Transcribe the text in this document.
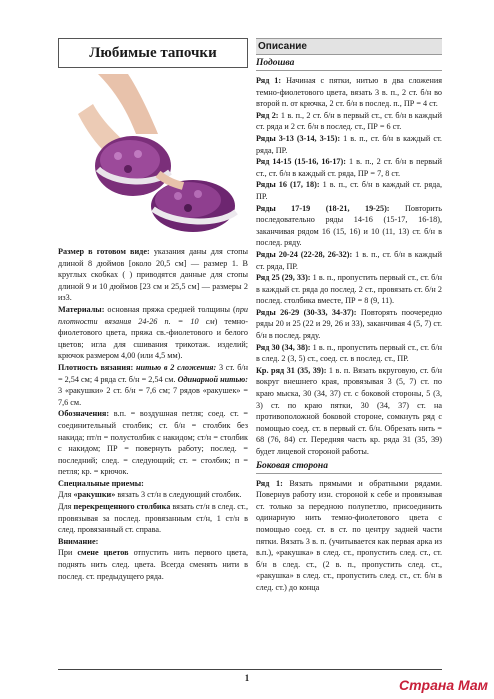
Любимые тапочки

Размер в готовом виде: указания даны для стопы длиной 8 дюймов [около 20,5 см] — размер 1. В круглых скобках ( ) приводятся данные для стопы длиной 9 и 10 дюймов [23 см и 25,5 см] — размеры 2 из3.

Материалы: основная пряжа средней толщины (при плотности вязания 24-26 п. = 10 см) темно-фиолетового цвета, пряжа св.-фиолетового и белого цветов; игла для сшивания трикотаж. изделий; крючок размером 4,00 (или 4,5 мм).

Плотность вязания: нитью в 2 сложения: 3 ст. б/н = 2,54 см; 4 ряда ст. б/н = 2,54 см. Одинарной нитью: 3 «ракушки» 2 ст. б/н = 7,6 см; 7 рядов «ракушек» = 7,6 см.

Обозначения: в.п. = воздушная петля; соед. ст. = соединительный столбик; ст. б/н = столбик без накида; пт/п = полустолбик с накидом; ст/н = столбик с накидом; ПР = повернуть работу; послед. = последний; след. = следующий; ст. = столбик; п = петля; кр. = крючок.

Специальные приемы:

Для «ракушки» вязать 3 ст/н в следующий столбик.

Для перекрещенного столбика вязать ст/н в след. ст., провязывая за послед. провязанным ст/н, 1 ст/н в след. провязанный ст. справа.

Внимание:

При смене цветов отпустить нить первого цвета, поднять нить след. цвета. Всегда сменять нити в послед. ст. предыдущего ряда.

Описание
Подошва

Ряд 1: Начиная с пятки, нитью в два сложения темно-фиолетового цвета, вязать 3 в. п., 2 ст. б/н во второй п. от крючка, 2 ст. б/н в послед. п., ПР = 4 ст.

Ряд 2: 1 в. п., 2 ст. б/н в первый ст., ст. б/н в каждый ст. ряда и 2 ст. б/н в послед. ст., ПР = 6 ст.

Ряды 3-13 (3-14, 3-15): 1 в. п., ст. б/н в каждый ст. ряда, ПР.

Ряд 14-15 (15-16, 16-17): 1 в. п., 2 ст. б/н в первый ст., ст. б/н в каждый ст. ряда, ПР = 7, 8 ст.

Ряды 16 (17, 18): 1 в. п., ст. б/н в каждый ст. ряда, ПР.

Ряды 17-19 (18-21, 19-25): Повторить последовательно ряды 14-16 (15-17, 16-18), заканчивая рядом 16 (15, 16) и 10 (11, 13) ст. б/н в послед. ряду.

Ряды 20-24 (22-28, 26-32): 1 в. п., ст. б/н в каждый ст. ряда, ПР.

Ряд 25 (29, 33): 1 в. п., пропустить первый ст., ст. б/н в каждый ст. ряда до послед. 2 ст., провязать ст. б/н 2 послед. столбика вместе, ПР = 8 (9, 11).

Ряды 26-29 (30-33, 34-37): Повторять поочередно ряды 20 и 25 (22 и 29, 26 и 33), заканчивая 4 (5, 7) ст. б/н в послед. ряду.

Ряд 30 (34, 38): 1 в. п., пропустить первый ст., ст. б/н в след. 2 (3, 5) ст., соед. ст. в послед. ст., ПР.

Кр. ряд 31 (35, 39): 1 в. п. Вязать вкруговую, ст. б/н вокруг внешнего края, провязывая 3 (5, 7) ст. по краю мыска, 30 (34, 37) ст. с боковой стороны, 5 (3, 3) ст. по краю пятки, 30 (34, 37) ст. на противоположной боковой стороне, сомкнуть ряд с помощью соед. ст. в первый ст. б/н. Обрезать нить = 68 (76, 84) ст. Передняя часть кр. ряда 31 (35, 39) будет лицевой стороной работы.

Боковая сторона

Ряд 1: Вязать прямыми и обратными рядами. Повернув работу изн. стороной к себе и провязывая ст. только за передною полупетлю, присоединить одинарную нить темно-фиолетового цвета с помощью соед. ст. в ст. по центру задней части пятки. Вязать 3 в. п. (учитывается как первая арка из в.п.), «ракушка» в след. ст., пропустить след. ст., ст. б/н в след. ст., (2 в. п., пропустить след. ст., «ракушка» в след. ст., пропустить след. ст., ст. б/н в след. ст.) до конца

1	Страна Мам
